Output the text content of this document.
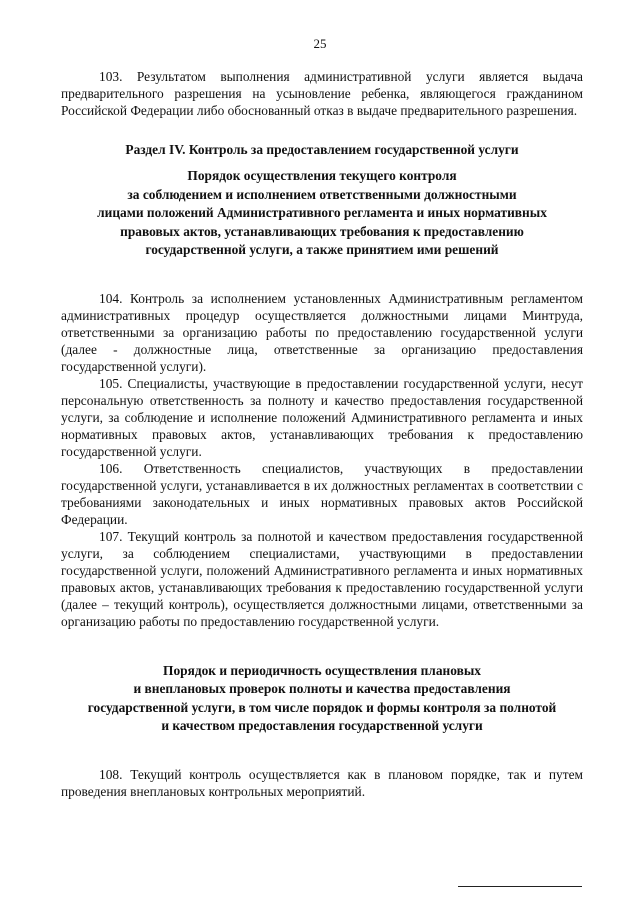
25

103. Результатом выполнения административной услуги является выдача предварительного разрешения на усыновление ребенка, являющегося гражданином Российской Федерации либо обоснованный отказ в выдаче предварительного разрешения.

Раздел IV. Контроль за предоставлением государственной услуги
Порядок осуществления текущего контроля
за соблюдением и исполнением ответственными должностными
лицами положений Административного регламента и иных нормативных
правовых актов, устанавливающих требования к предоставлению
государственной услуги, а также принятием ими решений

104. Контроль за исполнением установленных Административным регламентом административных процедур осуществляется должностными лицами Минтруда, ответственными за организацию работы по предоставлению государственной услуги (далее - должностные лица, ответственные за организацию предоставления государственной услуги).

105. Специалисты, участвующие в предоставлении государственной услуги, несут персональную ответственность за полноту и качество предоставления государственной услуги, за соблюдение и исполнение положений Административного регламента и иных нормативных правовых актов, устанавливающих требования к предоставлению государственной услуги.

106. Ответственность специалистов, участвующих в предоставлении государственной услуги, устанавливается в их должностных регламентах в соответствии с требованиями законодательных и иных нормативных правовых актов Российской Федерации.

107. Текущий контроль за полнотой и качеством предоставления государственной услуги, за соблюдением специалистами, участвующими в предоставлении государственной услуги, положений Административного регламента и иных нормативных правовых актов, устанавливающих требования к предоставлению государственной услуги (далее – текущий контроль), осуществляется должностными лицами, ответственными за организацию работы по предоставлению государственной услуги.

Порядок и периодичность осуществления плановых
и внеплановых проверок полноты и качества предоставления
государственной услуги, в том числе порядок и формы контроля за полнотой
и качеством предоставления государственной услуги

108. Текущий контроль осуществляется как в плановом порядке, так и путем проведения внеплановых контрольных мероприятий.
